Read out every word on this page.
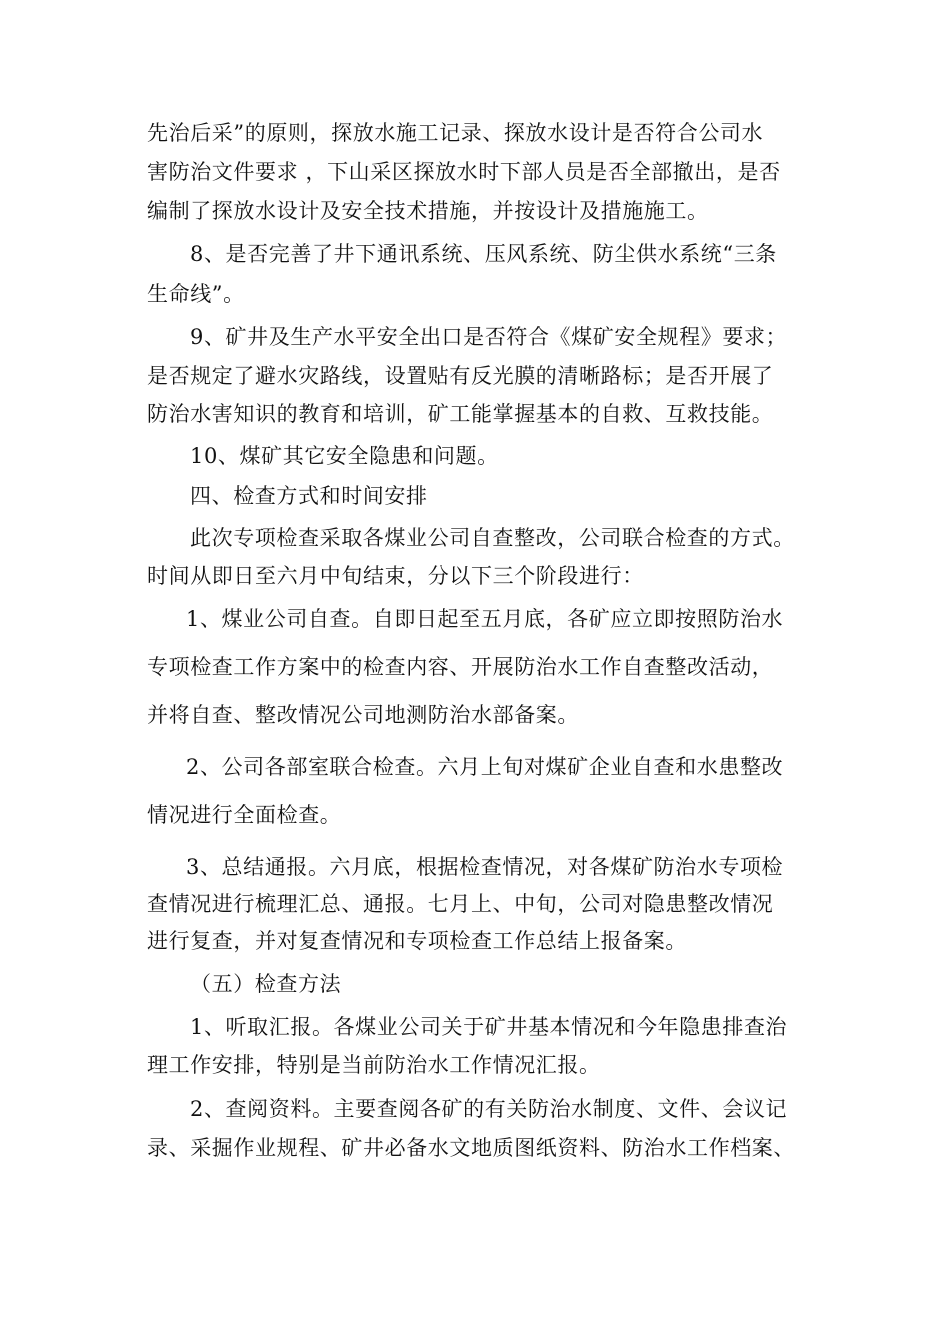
先治后采”的原则，探放水施工记录、探放水设计是否符合公司水
害防治文件要求 ，下山采区探放水时下部人员是否全部撤出，是否
编制了探放水设计及安全技术措施，并按设计及措施施工。
8、是否完善了井下通讯系统、压风系统、防尘供水系统“三条
生命线”。
9、矿井及生产水平安全出口是否符合《煤矿安全规程》要求；
是否规定了避水灾路线，设置贴有反光膜的清晰路标；是否开展了
防治水害知识的教育和培训，矿工能掌握基本的自救、互救技能。
10、煤矿其它安全隐患和问题。
四、检查方式和时间安排
此次专项检查采取各煤业公司自查整改，公司联合检查的方式。
时间从即日至六月中旬结束，分以下三个阶段进行：
1、煤业公司自查。自即日起至五月底，各矿应立即按照防治水
专项检查工作方案中的检查内容、开展防治水工作自查整改活动，
并将自查、整改情况公司地测防治水部备案。
2、公司各部室联合检查。六月上旬对煤矿企业自查和水患整改
情况进行全面检查。
3、总结通报。六月底，根据检查情况，对各煤矿防治水专项检
查情况进行梳理汇总、通报。七月上、中旬，公司对隐患整改情况
进行复查，并对复查情况和专项检查工作总结上报备案。
（五）检查方法
1、听取汇报。各煤业公司关于矿井基本情况和今年隐患排查治
理工作安排，特别是当前防治水工作情况汇报。
2、查阅资料。主要查阅各矿的有关防治水制度、文件、会议记
录、采掘作业规程、矿井必备水文地质图纸资料、防治水工作档案、
